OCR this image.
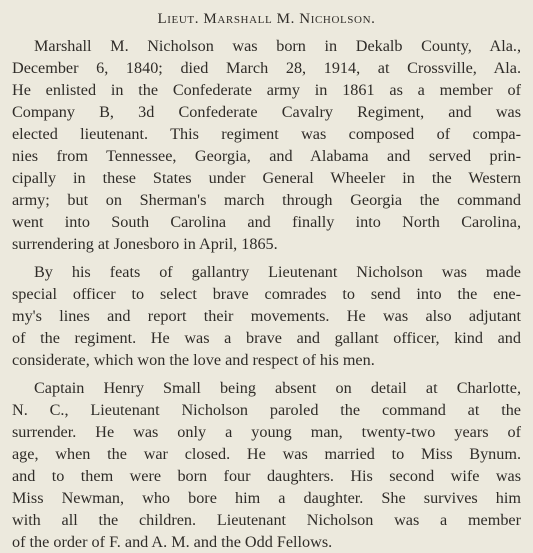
Lieut. Marshall M. Nicholson.
Marshall M. Nicholson was born in Dekalb County, Ala.,
December 6, 1840; died March 28, 1914, at Crossville, Ala.
He enlisted in the Confederate army in 1861 as a member of
Company B, 3d Confederate Cavalry Regiment, and was
elected lieutenant. This regiment was composed of compa-
nies from Tennessee, Georgia, and Alabama and served prin-
cipally in these States under General Wheeler in the Western
army; but on Sherman's march through Georgia the command
went into South Carolina and finally into North Carolina,
surrendering at Jonesboro in April, 1865.
By his feats of gallantry Lieutenant Nicholson was made
special officer to select brave comrades to send into the ene-
my's lines and report their movements. He was also adjutant
of the regiment. He was a brave and gallant officer, kind and
considerate, which won the love and respect of his men.
Captain Henry Small being absent on detail at Charlotte,
N. C., Lieutenant Nicholson paroled the command at the
surrender. He was only a young man, twenty-two years of
age, when the war closed. He was married to Miss Bynum.
and to them were born four daughters. His second wife was
Miss Newman, who bore him a daughter. She survives him
with all the children. Lieutenant Nicholson was a member
of the order of F. and A. M. and the Odd Fellows.
